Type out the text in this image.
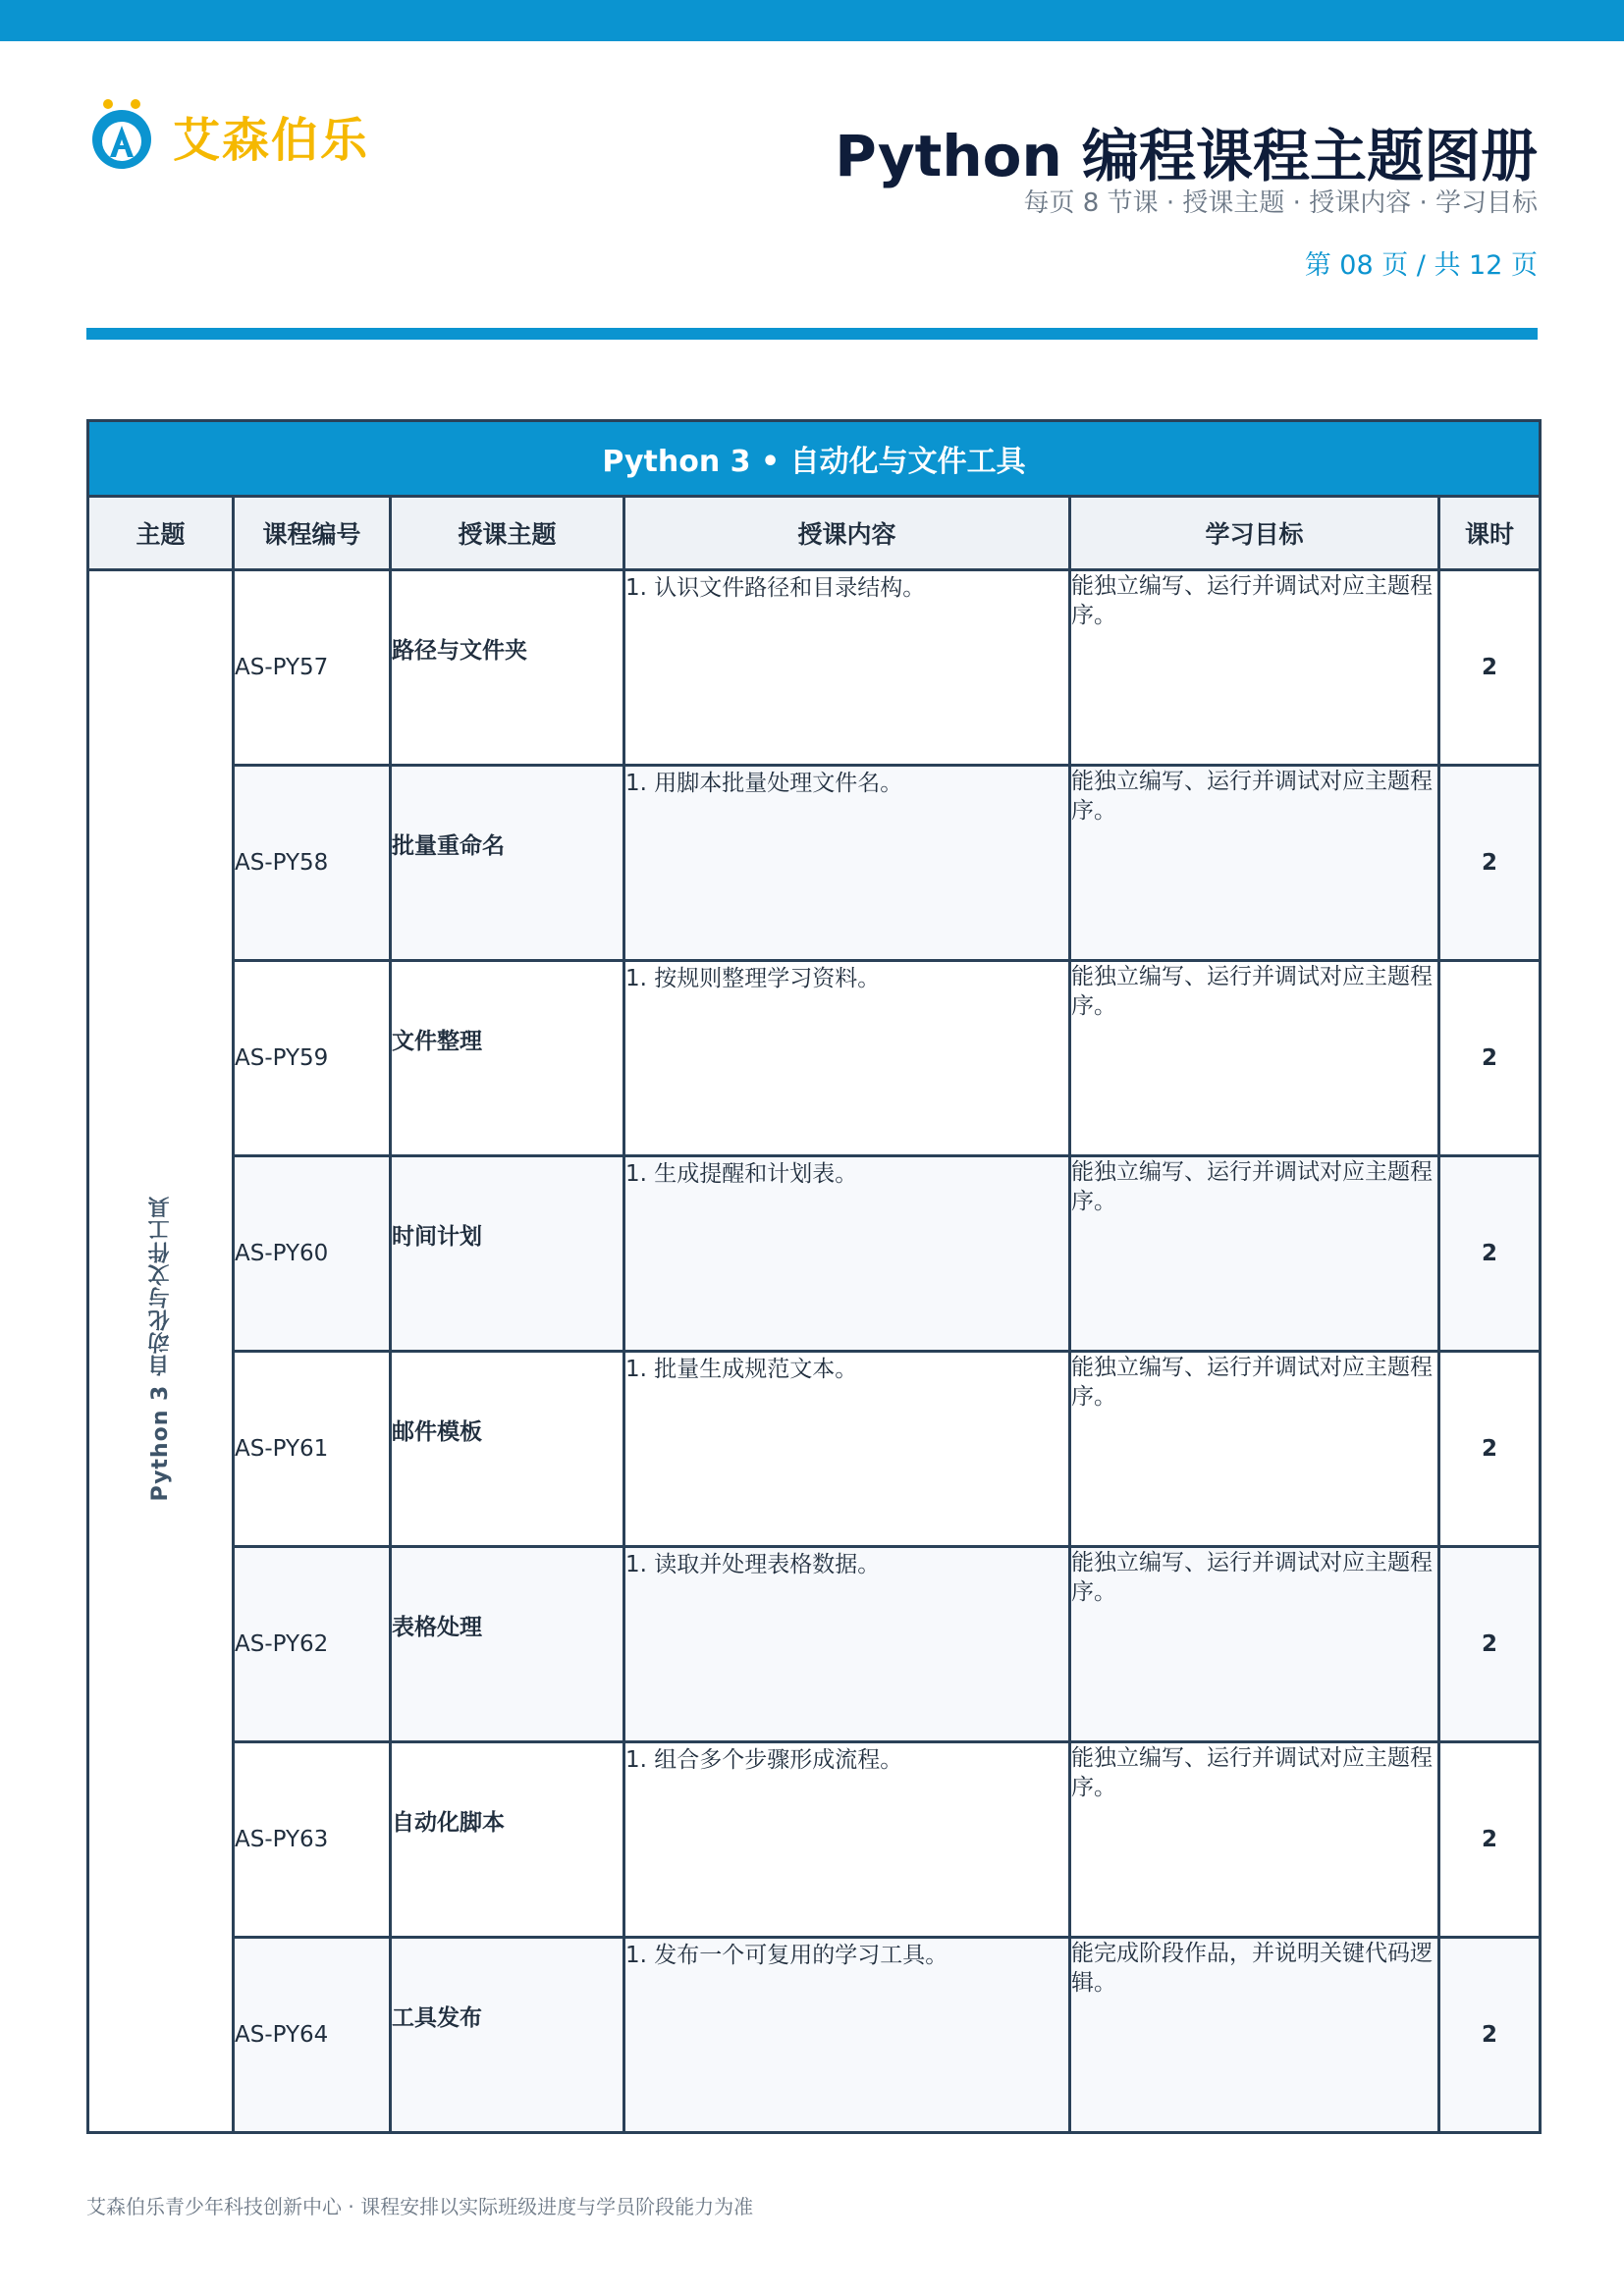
艾森伯乐	Python 编程课程主题图册
每页 8 节课 · 授课主题 · 授课内容 · 学习目标
第 08 页 / 共 12 页
Python 3 • 自动化与文件工具					
主题	课程编号	授课主题	授课内容	学习目标	课时
Python 3 自动化与文件工具	AS-PY57	路径与文件夹	1. 认识文件路径和目录结构。	能独立编写、运行并调试对应主题程序。	2
	AS-PY58	批量重命名	1. 用脚本批量处理文件名。	能独立编写、运行并调试对应主题程序。	2
	AS-PY59	文件整理	1. 按规则整理学习资料。	能独立编写、运行并调试对应主题程序。	2
	AS-PY60	时间计划	1. 生成提醒和计划表。	能独立编写、运行并调试对应主题程序。	2
	AS-PY61	邮件模板	1. 批量生成规范文本。	能独立编写、运行并调试对应主题程序。	2
	AS-PY62	表格处理	1. 读取并处理表格数据。	能独立编写、运行并调试对应主题程序。	2
	AS-PY63	自动化脚本	1. 组合多个步骤形成流程。	能独立编写、运行并调试对应主题程序。	2
	AS-PY64	工具发布	1. 发布一个可复用的学习工具。	能完成阶段作品，并说明关键代码逻辑。	2
艾森伯乐青少年科技创新中心 · 课程安排以实际班级进度与学员阶段能力为准
